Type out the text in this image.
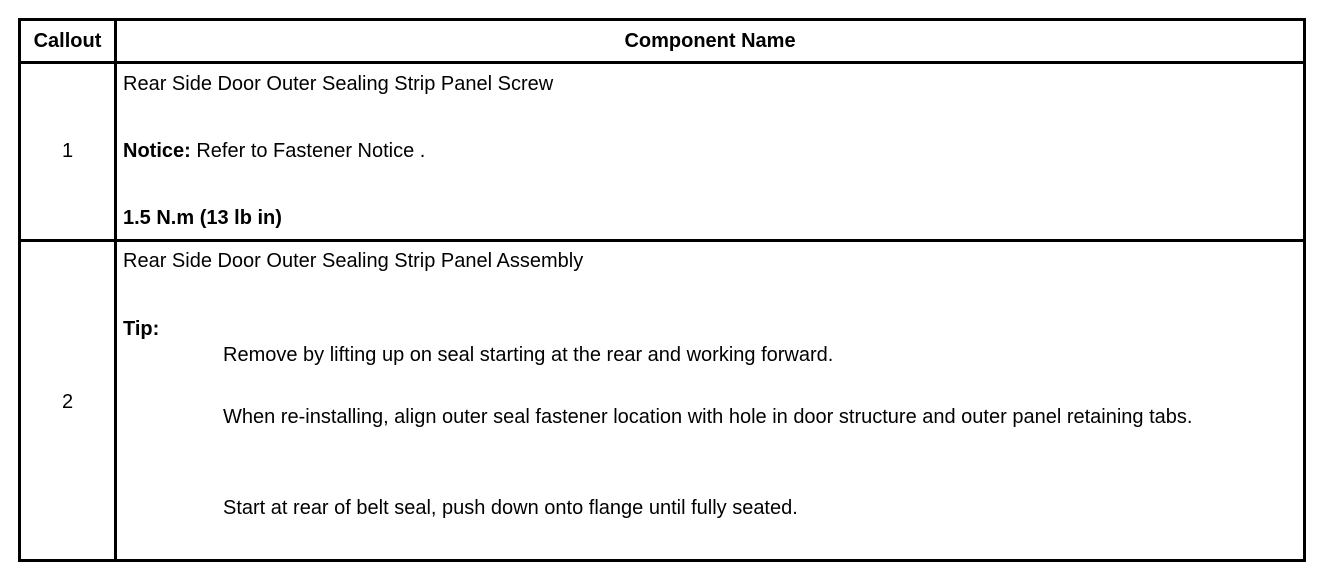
Callout	Component Name
1
Rear Side Door Outer Sealing Strip Panel Screw
Notice: Refer to Fastener Notice .
1.5 N.m (13 lb in)
2
Rear Side Door Outer Sealing Strip Panel Assembly
Tip:
Remove by lifting up on seal starting at the rear and working forward.
When re-installing, align outer seal fastener location with hole in door structure and outer panel retaining tabs.
Start at rear of belt seal, push down onto flange until fully seated.
